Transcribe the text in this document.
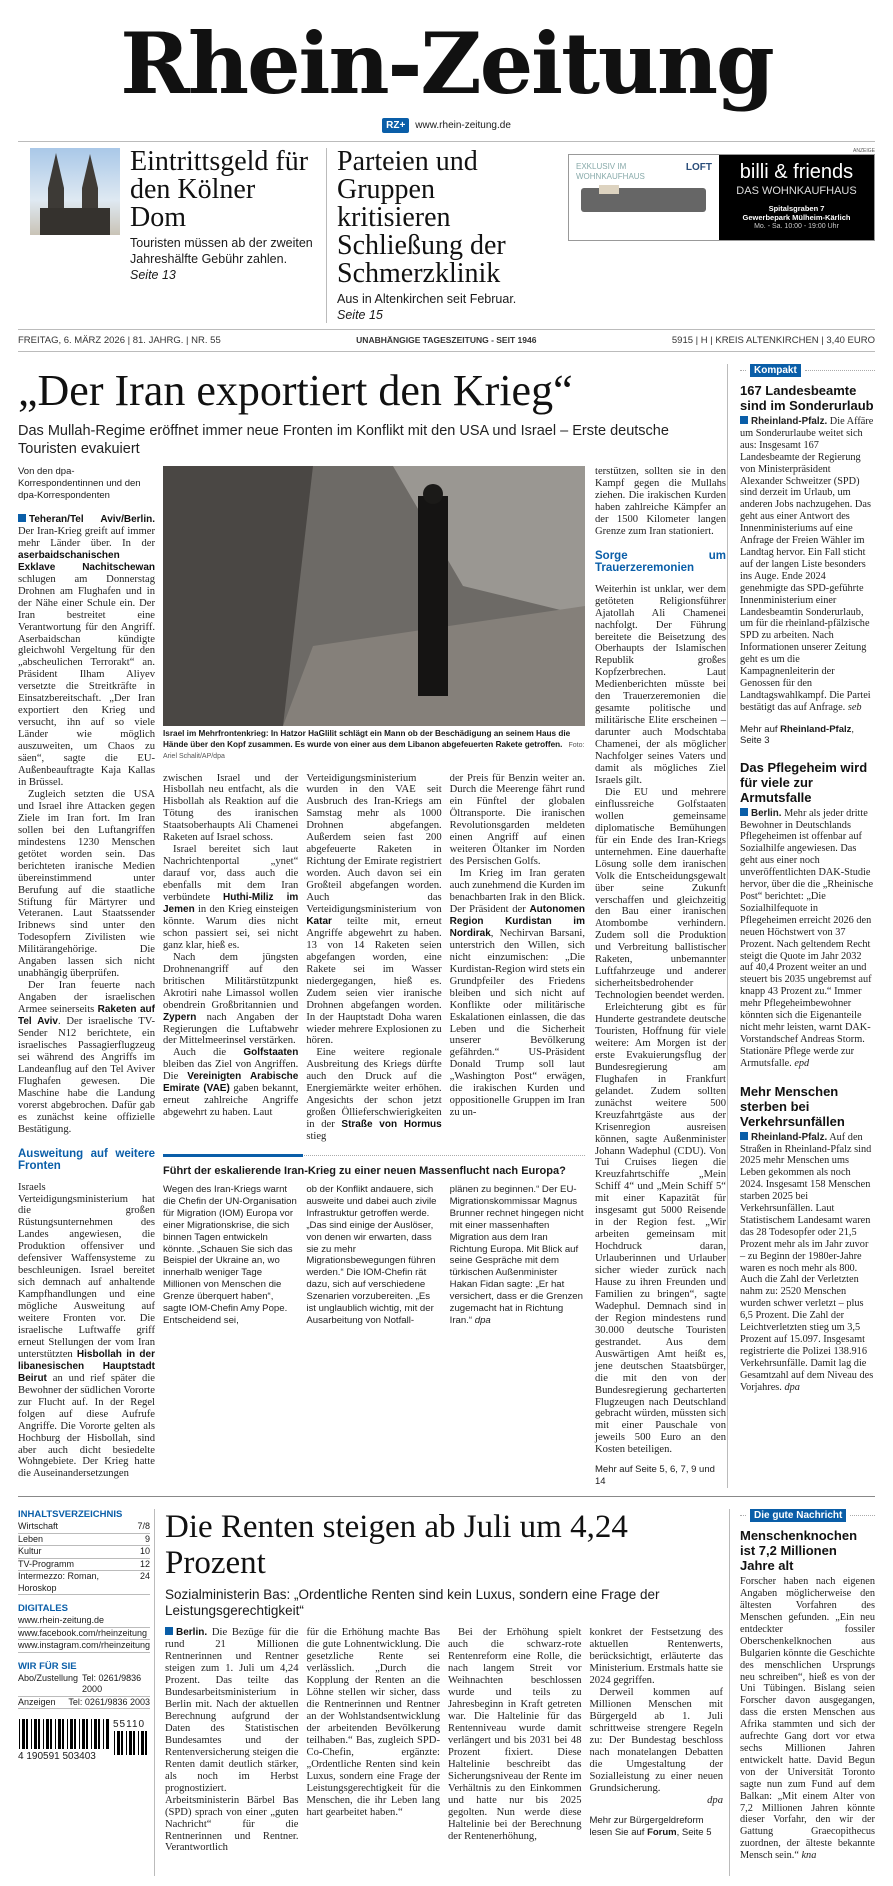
Rhein-Zeitung
RZ+	www.rhein-zeitung.de
Eintrittsgeld für den Kölner Dom
Touristen müssen ab der zweiten Jahreshälfte Gebühr zahlen. Seite 13
Parteien und Gruppen kritisieren Schließung der Schmerzklinik
Aus in Altenkirchen seit Februar. Seite 15
ANZEIGE
EXKLUSIV IM WOHNKAUFHAUS
LOFT	billi & friends
DAS WOHNKAUFHAUS
Spitalsgraben 7
Gewerbepark Mülheim-Kärlich
Mo. - Sa. 10:00 - 19:00 Uhr
FREITAG, 6. MÄRZ 2026 | 81. JAHRG. | NR. 55	UNABHÄNGIGE TAGESZEITUNG - SEIT 1946	5915 | H | KREIS ALTENKIRCHEN | 3,40 EURO
„Der Iran exportiert den Krieg“
Das Mullah-Regime eröffnet immer neue Fronten im Konflikt mit den USA und Israel – Erste deutsche Touristen evakuiert
Von den dpa-Korrespondentinnen und den dpa-Korrespondenten

Teheran/Tel Aviv/Berlin. Der Iran-Krieg greift auf immer mehr Länder über. In der aserbaidschanischen Exklave Nachitschewan schlugen am Donnerstag Drohnen am Flughafen und in der Nähe einer Schule ein. Der Iran bestreitet eine Verantwortung für den Angriff. Aserbaidschan kündigte gleichwohl Vergeltung für den „abscheulichen Terrorakt“ an. Präsident Ilham Aliyev versetzte die Streitkräfte in Einsatzbereitschaft. „Der Iran exportiert den Krieg und versucht, ihn auf so viele Länder wie möglich auszuweiten, um Chaos zu säen“, sagte die EU-Außenbeauftragte Kaja Kallas in Brüssel.

Zugleich setzten die USA und Israel ihre Attacken gegen Ziele im Iran fort. Im Iran sollen bei den Luftangriffen mindestens 1230 Menschen getötet worden sein. Das berichteten iranische Medien übereinstimmend unter Berufung auf die staatliche Stiftung für Märtyrer und Veteranen. Laut Staatssender Iribnews sind unter den Todesopfern Zivilisten wie Militärangehörige. Die Angaben lassen sich nicht unabhängig überprüfen.

Der Iran feuerte nach Angaben der israelischen Armee seinerseits Raketen auf Tel Aviv. Der israelische TV-Sender N12 berichtete, ein israelisches Passagierflugzeug sei während des Angriffs im Landeanflug auf den Tel Aviver Flughafen gewesen. Die Maschine habe die Landung vorerst abgebrochen. Dafür gab es zunächst keine offizielle Bestätigung.

Ausweitung auf weitere Fronten

Israels Verteidigungsministerium hat die großen Rüstungsunternehmen des Landes angewiesen, die Produktion offensiver und defensiver Waffensysteme zu beschleunigen. Israel bereitet sich demnach auf anhaltende Kampfhandlungen und eine mögliche Ausweitung auf weitere Fronten vor. Die israelische Luftwaffe griff erneut Stellungen der vom Iran unterstützten Hisbollah in der libanesischen Hauptstadt Beirut an und rief später die Bewohner der südlichen Vororte zur Flucht auf. In der Regel folgen auf diese Aufrufe Angriffe. Die Vororte gelten als Hochburg der Hisbollah, sind aber auch dicht besiedelte Wohngebiete. Der Krieg hatte die Auseinandersetzungen

Israel im Mehrfrontenkrieg: In Hatzor HaGlilit schlägt ein Mann ob der Beschädigung an seinem Haus die Hände über den Kopf zusammen. Es wurde von einer aus dem Libanon abgefeuerten Rakete getroffen. Foto: Ariel Schalit/AP/dpa

zwischen Israel und der Hisbollah neu entfacht, als die Hisbollah als Reaktion auf die Tötung des iranischen Staatsoberhaupts Ali Chamenei Raketen auf Israel schoss.

Israel bereitet sich laut Nachrichtenportal „ynet“ darauf vor, dass auch die ebenfalls mit dem Iran verbündete Huthi-Miliz im Jemen in den Krieg einsteigen könnte. Warum dies nicht schon passiert sei, sei nicht ganz klar, hieß es.

Nach dem jüngsten Drohnenangriff auf den britischen Militärstützpunkt Akrotiri nahe Limassol wollen obendrein Großbritannien und Zypern nach Angaben der Regierungen die Luftabwehr der Mittelmeerinsel verstärken.

Auch die Golfstaaten bleiben das Ziel von Angriffen. Die Vereinigten Arabische Emirate (VAE) gaben bekannt, erneut zahlreiche Angriffe abgewehrt zu haben. Laut

Verteidigungsministerium wurden in den VAE seit Ausbruch des Iran-Kriegs am Samstag mehr als 1000 Drohnen abgefangen. Außerdem seien fast 200 abgefeuerte Raketen in Richtung der Emirate registriert worden. Auch davon sei ein Großteil abgefangen worden. Auch das Verteidigungsministerium von Katar teilte mit, erneut Angriffe abgewehrt zu haben. 13 von 14 Raketen seien abgefangen worden, eine Rakete sei im Wasser niedergegangen, hieß es. Zudem seien vier iranische Drohnen abgefangen worden. In der Hauptstadt Doha waren wieder mehrere Explosionen zu hören.

Eine weitere regionale Ausbreitung des Kriegs dürfte auch den Druck auf die Energiemärkte weiter erhöhen. Angesichts der schon jetzt großen Öllieferschwierigkeiten in der Straße von Hormus stieg

der Preis für Benzin weiter an. Durch die Meerenge fährt rund ein Fünftel der globalen Öltransporte. Die iranischen Revolutionsgarden meldeten einen Angriff auf einen weiteren Öltanker im Norden des Persischen Golfs.

Im Krieg im Iran geraten auch zunehmend die Kurden im benachbarten Irak in den Blick. Der Präsident der Autonomen Region Kurdistan im Nordirak, Nechirvan Barsani, unterstrich den Willen, sich nicht einzumischen: „Die Kurdistan-Region wird stets ein Grundpfeiler des Friedens bleiben und sich nicht auf Konflikte oder militärische Eskalationen einlassen, die das Leben und die Sicherheit unserer Bevölkerung gefährden.“ US-Präsident Donald Trump soll laut „Washington Post“ erwägen, die irakischen Kurden und oppositionelle Gruppen im Iran zu un-

Führt der eskalierende Iran-Krieg zu einer neuen Massenflucht nach Europa?
Wegen des Iran-Kriegs warnt die Chefin der UN-Organisation für Migration (IOM) Europa vor einer Migrationskrise, die sich binnen Tagen entwickeln könnte. „Schauen Sie sich das Beispiel der Ukraine an, wo innerhalb weniger Tage Millionen von Menschen die Grenze überquert haben“, sagte IOM-Chefin Amy Pope. Entscheidend sei,
ob der Konflikt andauere, sich ausweite und dabei auch zivile Infrastruktur getroffen werde. „Das sind einige der Auslöser, von denen wir erwarten, dass sie zu mehr Migrationsbewegungen führen werden.“ Die IOM-Chefin rät dazu, sich auf verschiedene Szenarien vorzubereiten. „Es ist unglaublich wichtig, mit der Ausarbeitung von Notfall-
plänen zu beginnen.“ Der EU-Migrationskommissar Magnus Brunner rechnet hingegen nicht mit einer massenhaften Migration aus dem Iran Richtung Europa. Mit Blick auf seine Gespräche mit dem türkischen Außenminister Hakan Fidan sagte: „Er hat versichert, dass er die Grenzen zugemacht hat in Richtung Iran.“ dpa

terstützen, sollten sie in den Kampf gegen die Mullahs ziehen. Die irakischen Kurden haben zahlreiche Kämpfer an der 1500 Kilometer langen Grenze zum Iran stationiert.

Sorge um Trauerzeremonien

Weiterhin ist unklar, wer dem getöteten Religionsführer Ajatollah Ali Chamenei nachfolgt. Der Führung bereitete die Beisetzung des Oberhaupts der Islamischen Republik großes Kopfzerbrechen. Laut Medienberichten müsste bei den Trauerzeremonien die gesamte politische und militärische Elite erscheinen – darunter auch Modschtaba Chamenei, der als möglicher Nachfolger seines Vaters und damit als mögliches Ziel Israels gilt.

Die EU und mehrere einflussreiche Golfstaaten wollen gemeinsame diplomatische Bemühungen für ein Ende des Iran-Kriegs unternehmen. Eine dauerhafte Lösung solle dem iranischen Volk die Entscheidungsgewalt über seine Zukunft verschaffen und gleichzeitig den Bau einer iranischen Atombombe verhindern. Zudem soll die Produktion und Verbreitung ballistischer Raketen, unbemannter Luftfahrzeuge und anderer sicherheitsbedrohender Technologien beendet werden.

Erleichterung gibt es für Hunderte gestrandete deutsche Touristen, Hoffnung für viele weitere: Am Morgen ist der erste Evakuierungsflug der Bundesregierung am Flughafen in Frankfurt gelandet. Zudem sollten zunächst weitere 500 Kreuzfahrtgäste aus der Krisenregion ausreisen können, sagte Außenminister Johann Wadephul (CDU). Von Tui Cruises liegen die Kreuzfahrtschiffe „Mein Schiff 4“ und „Mein Schiff 5“ mit einer Kapazität für insgesamt gut 5000 Reisende in der Region fest. „Wir arbeiten gemeinsam mit Hochdruck daran, Urlauberinnen und Urlauber sicher wieder zurück nach Hause zu ihren Freunden und Familien zu bringen“, sagte Wadephul. Demnach sind in der Region mindestens rund 30.000 deutsche Touristen gestrandet. Aus dem Auswärtigen Amt heißt es, jene deutschen Staatsbürger, die mit den von der Bundesregierung gecharterten Flugzeugen nach Deutschland gebracht würden, müssten sich mit einer Pauschale von jeweils 500 Euro an den Kosten beteiligen.

Mehr auf Seite 5, 6, 7, 9 und 14
Kompakt
167 Landesbeamte sind im Sonderurlaub
Rheinland-Pfalz. Die Affäre um Sonderurlaube weitet sich aus: Insgesamt 167 Landesbeamte der Regierung von Ministerpräsident Alexander Schweitzer (SPD) sind derzeit im Urlaub, um anderen Jobs nachzugehen. Das geht aus einer Antwort des Innenministeriums auf eine Anfrage der Freien Wähler im Landtag hervor. Ein Fall sticht auf der langen Liste besonders ins Auge. Ende 2024 genehmigte das SPD-geführte Innenministerium einer Landesbeamtin Sonderurlaub, um für die rheinland-pfälzische SPD zu arbeiten. Nach Informationen unserer Zeitung geht es um die Kampagnenleiterin der Genossen für den Landtagswahlkampf. Die Partei bestätigt das auf Anfrage. seb
Mehr auf Rheinland-Pfalz, Seite 3
Das Pflegeheim wird für viele zur Armutsfalle
Berlin. Mehr als jeder dritte Bewohner in Deutschlands Pflegeheimen ist offenbar auf Sozialhilfe angewiesen. Das geht aus einer noch unveröffentlichten DAK-Studie hervor, über die die „Rheinische Post“ berichtet: „Die Sozialhilfequote in Pflegeheimen erreicht 2026 den neuen Höchstwert von 37 Prozent. Nach geltendem Recht steigt die Quote im Jahr 2032 auf 40,4 Prozent weiter an und steuert bis 2035 ungebremst auf knapp 43 Prozent zu.“ Immer mehr Pflegeheimbewohner könnten sich die Eigenanteile nicht mehr leisten, warnt DAK-Vorstandschef Andreas Storm. Stationäre Pflege werde zur Armutsfalle. epd
Mehr Menschen sterben bei Verkehrsunfällen
Rheinland-Pfalz. Auf den Straßen in Rheinland-Pfalz sind 2025 mehr Menschen ums Leben gekommen als noch 2024. Insgesamt 158 Menschen starben 2025 bei Verkehrsunfällen. Laut Statistischem Landesamt waren das 28 Todesopfer oder 21,5 Prozent mehr als im Jahr zuvor – zu Beginn der 1980er-Jahre waren es noch mehr als 800. Auch die Zahl der Verletzten nahm zu: 2520 Menschen wurden schwer verletzt – plus 6,5 Prozent. Die Zahl der Leichtverletzten stieg um 3,5 Prozent auf 15.097. Insgesamt registrierte die Polizei 138.916 Verkehrsunfälle. Damit lag die Gesamtzahl auf dem Niveau des Vorjahres. dpa
INHALTSVERZEICHNIS
Wirtschaft	7/8
Leben	9
Kultur	10
TV-Programm	12
Intermezzo: Roman, Horoskop
24
DIGITALES
www.rhein-zeitung.de
www.facebook.com/rheinzeitung
www.instagram.com/rheinzeitung
WIR FÜR SIE
Abo/Zustellung Tel: 0261/9836 2000
Anzeigen Tel: 0261/9836 2003
4 190591 503403
55110
Die Renten steigen ab Juli um 4,24 Prozent
Sozialministerin Bas: „Ordentliche Renten sind kein Luxus, sondern eine Frage der Leistungsgerechtigkeit“

Berlin. Die Bezüge für die rund 21 Millionen Rentnerinnen und Rentner steigen zum 1. Juli um 4,24 Prozent. Das teilte das Bundesarbeitsministerium in Berlin mit. Nach der aktuellen Berechnung aufgrund der Daten des Statistischen Bundesamtes und der Rentenversicherung steigen die Renten damit deutlich stärker, als noch im Herbst prognostiziert. Arbeitsministerin Bärbel Bas (SPD) sprach von einer „guten Nachricht“ für die Rentnerinnen und Rentner. Verantwortlich

für die Erhöhung machte Bas die gute Lohnentwicklung. Die gesetzliche Rente sei verlässlich. „Durch die Kopplung der Renten an die Löhne stellen wir sicher, dass die Rentnerinnen und Rentner an der Wohlstandsentwicklung der arbeitenden Bevölkerung teilhaben.“ Bas, zugleich SPD-Co-Chefin, ergänzte: „Ordentliche Renten sind kein Luxus, sondern eine Frage der Leistungsgerechtigkeit für die Menschen, die ihr Leben lang hart gearbeitet haben.“

Bei der Erhöhung spielt auch die schwarz-rote Rentenreform eine Rolle, die nach langem Streit vor Weihnachten beschlossen wurde und teils zu Jahresbeginn in Kraft getreten war. Die Haltelinie für das Rentenniveau wurde damit verlängert und bis 2031 bei 48 Prozent fixiert. Diese Haltelinie beschreibt das Sicherungsniveau der Rente im Verhältnis zu den Einkommen und hatte nur bis 2025 gegolten. Nun werde diese Haltelinie bei der Berechnung der Rentenerhöhung,

konkret der Festsetzung des aktuellen Rentenwerts, berücksichtigt, erläuterte das Ministerium. Erstmals hatte sie 2024 gegriffen.

Derweil kommen auf Millionen Menschen mit Bürgergeld ab 1. Juli schrittweise strengere Regeln zu: Der Bundestag beschloss nach monatelangen Debatten die Umgestaltung der Sozialleistung zu einer neuen Grundsicherung.

dpa
Mehr zur Bürgergeldreform lesen Sie auf Forum, Seite 5
Die gute Nachricht
Menschenknochen ist 7,2 Millionen Jahre alt
Forscher haben nach eigenen Angaben möglicherweise den ältesten Vorfahren des Menschen gefunden. „Ein neu entdeckter fossiler Oberschenkelknochen aus Bulgarien könnte die Geschichte des menschlichen Ursprungs neu schreiben“, hieß es von der Uni Tübingen. Bislang seien Forscher davon ausgegangen, dass die ersten Menschen aus Afrika stammten und sich der aufrechte Gang dort vor etwa sechs Millionen Jahren entwickelt hatte. David Begun von der Universität Toronto sagte nun zum Fund auf dem Balkan: „Mit einem Alter von 7,2 Millionen Jahren könnte dieser Vorfahr, den wir der Gattung Graecopithecus zuordnen, der älteste bekannte Mensch sein.“ kna
